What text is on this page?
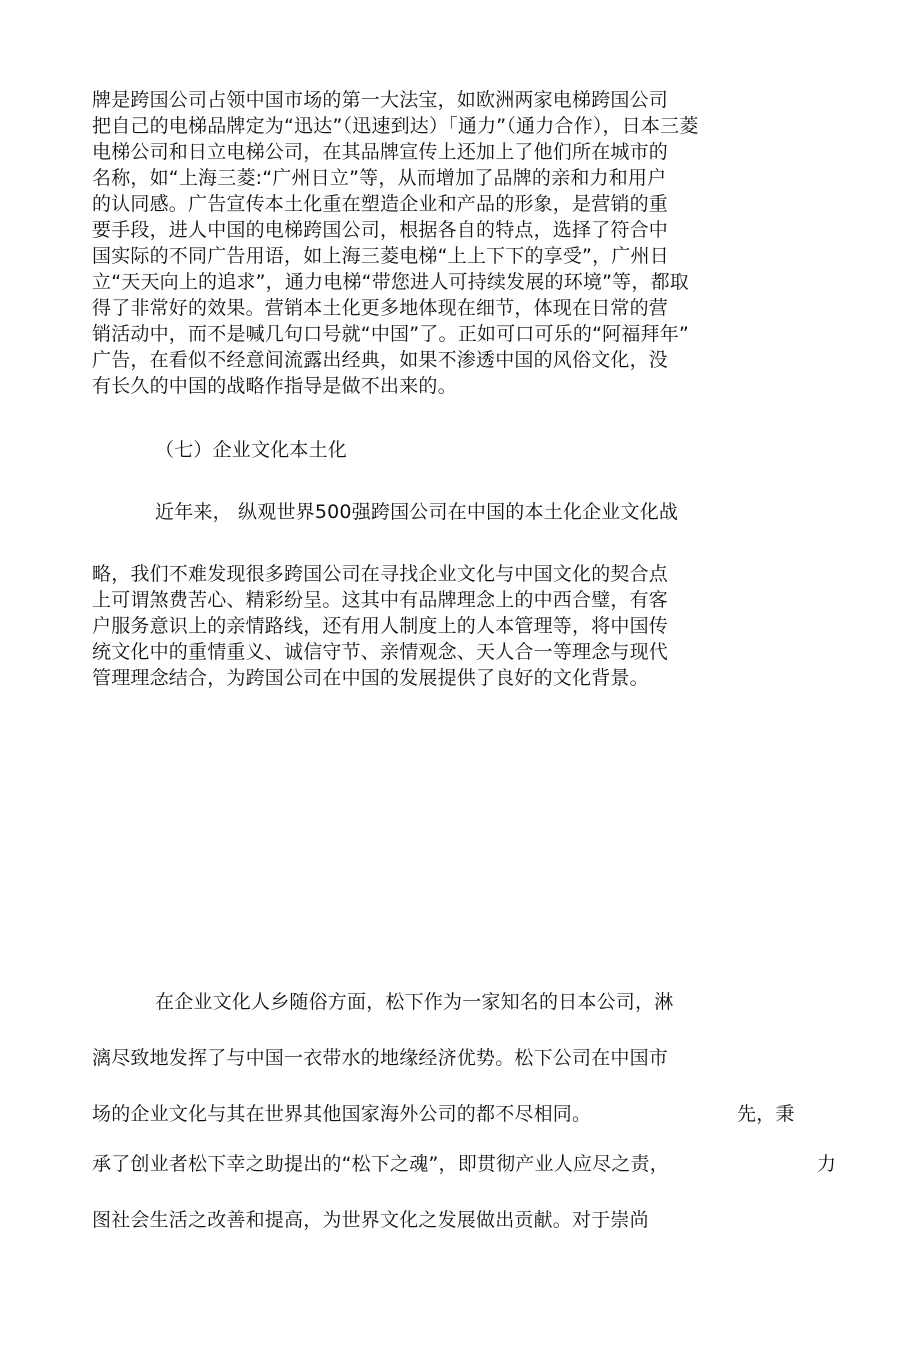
牌是跨国公司占领中国市场的第一大法宝，如欧洲两家电梯跨国公司
把自己的电梯品牌定为“迅达”（迅速到达）「通力”（通力合作），日本三菱
电梯公司和日立电梯公司，在其品牌宣传上还加上了他们所在城市的
名称，如“上海三菱:“广州日立”等，从而增加了品牌的亲和力和用户
的认同感。广告宣传本土化重在塑造企业和产品的形象，是营销的重
要手段，进人中国的电梯跨国公司，根据各自的特点，选择了符合中
国实际的不同广告用语，如上海三菱电梯“上上下下的享受”，广州日
立“天天向上的追求”，通力电梯“带您进人可持续发展的环境”等，都取
得了非常好的效果。营销本土化更多地体现在细节，体现在日常的营
销活动中，而不是喊几句口号就“中国”了。正如可口可乐的“阿福拜年”
广告，在看似不经意间流露出经典，如果不渗透中国的风俗文化，没
有长久的中国的战略作指导是做不出来的。
（七）企业文化本土化
近年来， 纵观世界500强跨国公司在中国的本土化企业文化战
略，我们不难发现很多跨国公司在寻找企业文化与中国文化的契合点
上可谓煞费苦心、精彩纷呈。这其中有品牌理念上的中西合璧，有客
户服务意识上的亲情路线，还有用人制度上的人本管理等，将中国传
统文化中的重情重义、诚信守节、亲情观念、天人合一等理念与现代
管理理念结合，为跨国公司在中国的发展提供了良好的文化背景。
在企业文化人乡随俗方面，松下作为一家知名的日本公司，淋
漓尽致地发挥了与中国一衣带水的地缘经济优势。松下公司在中国市
场的企业文化与其在世界其他国家海外公司的都不尽相同。	先，秉
承了创业者松下幸之助提出的“松下之魂”，即贯彻产业人应尽之责，	力
图社会生活之改善和提高，为世界文化之发展做出贡献。对于崇尚
